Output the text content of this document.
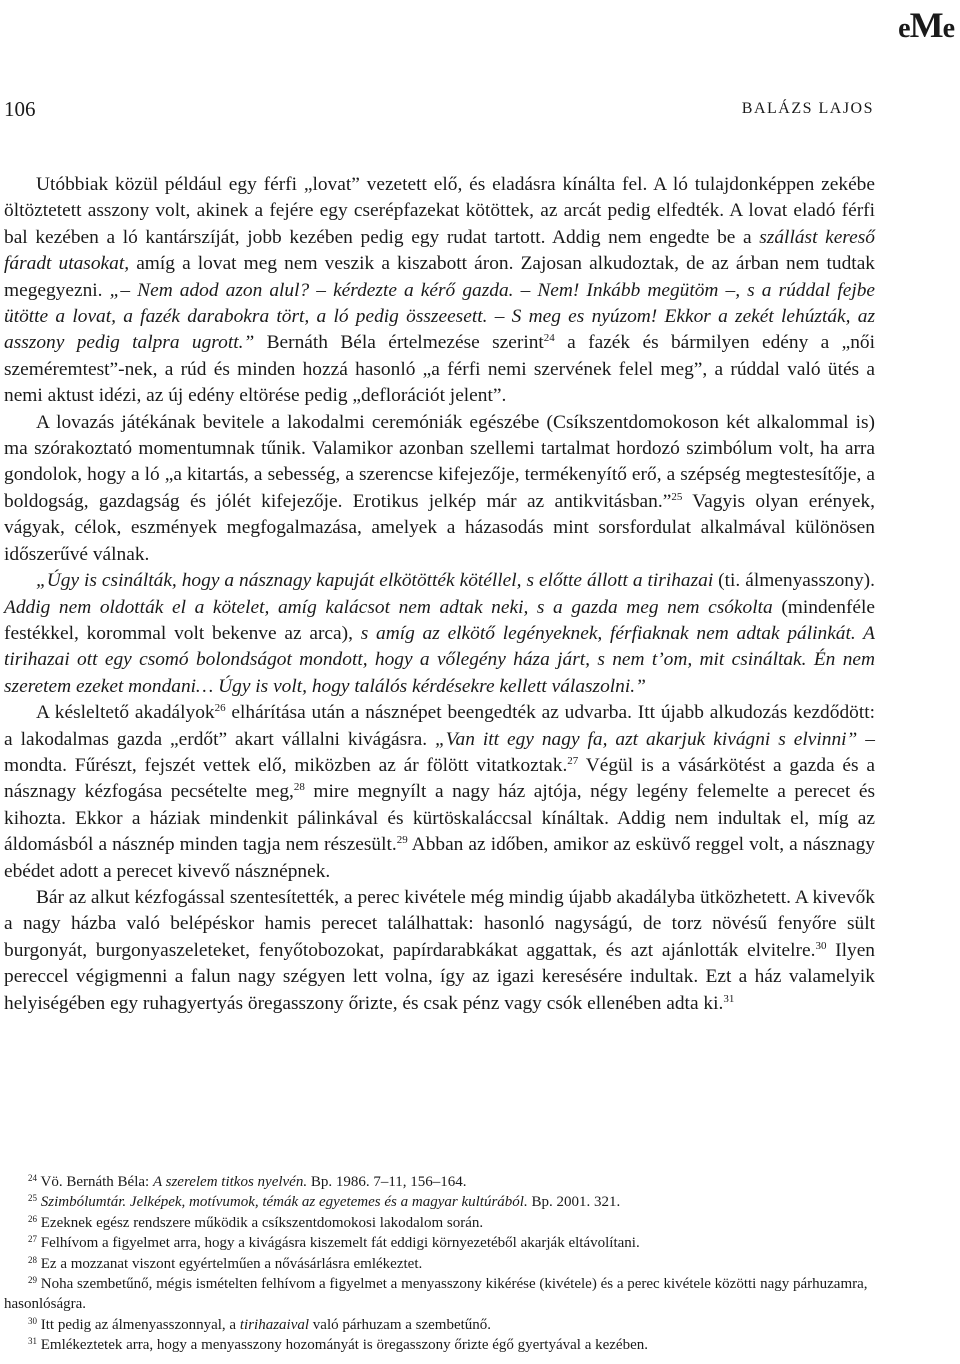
eMe
106	BALÁZS LAJOS

Utóbbiak közül például egy férfi „lovat” vezetett elő, és eladásra kínálta fel. A ló tulajdonképpen zekébe öltöztetett asszony volt, akinek a fejére egy cserépfazekat kötöttek, az arcát pedig elfedték. A lovat eladó férfi bal kezében a ló kantárszíját, jobb kezében pedig egy rudat tartott. Addig nem engedte be a szállást kereső fáradt utasokat, amíg a lovat meg nem veszik a kiszabott áron. Zajosan alkudoztak, de az árban nem tudtak megegyezni. „– Nem adod azon alul? – kérdezte a kérő gazda. – Nem! Inkább megütöm –, s a rúddal fejbe ütötte a lovat, a fazék darabokra tört, a ló pedig összeesett. – S meg es nyúzom! Ekkor a zekét lehúzták, az asszony pedig talpra ugrott.” Bernáth Béla értelmezése szerint$^{24}$ a fazék és bármilyen edény a „női szeméremtest”-nek, a rúd és minden hozzá hasonló „a férfi nemi szervének felel meg”, a rúddal való ütés a nemi aktust idézi, az új edény eltörése pedig „deflorációt jelent”.

A lovazás játékának bevitele a lakodalmi ceremóniák egészébe (Csíkszentdomokoson két alkalommal is) ma szórakoztató momentumnak tűnik. Valamikor azonban szellemi tartalmat hordozó szimbólum volt, ha arra gondolok, hogy a ló „a kitartás, a sebesség, a szerencse kifejezője, termékenyítő erő, a szépség megtestesítője, a boldogság, gazdagság és jólét kifejezője. Erotikus jelkép már az antikvitásban.”$^{25}$ Vagyis olyan erények, vágyak, célok, eszmények megfogalmazása, amelyek a házasodás mint sorsfordulat alkalmával különösen időszerűvé válnak.

„Úgy is csinálták, hogy a násznagy kapuját elkötötték kötéllel, s előtte állott a tirihazai (ti. álmenyasszony). Addig nem oldották el a kötelet, amíg kalácsot nem adtak neki, s a gazda meg nem csókolta (mindenféle festékkel, korommal volt bekenve az arca), s amíg az elkötő legényeknek, férfiaknak nem adtak pálinkát. A tirihazai ott egy csomó bolondságot mondott, hogy a vőlegény háza járt, s nem t’om, mit csináltak. Én nem szeretem ezeket mondani… Úgy is volt, hogy találós kérdésekre kellett válaszolni.”

A késleltető akadályok$^{26}$ elhárítása után a násznépet beengedték az udvarba. Itt újabb alkudozás kezdődött: a lakodalmas gazda „erdőt” akart vállalni kivágásra. „Van itt egy nagy fa, azt akarjuk kivágni s elvinni” – mondta. Fűrészt, fejszét vettek elő, miközben az ár fölött vitatkoztak.$^{27}$ Végül is a vásárkötést a gazda és a násznagy kézfogása pecsételte meg,$^{28}$ mire megnyílt a nagy ház ajtója, négy legény felemelte a perecet és kihozta. Ekkor a háziak mindenkit pálinkával és kürtöskaláccsal kínáltak. Addig nem indultak el, míg az áldomásból a násznép minden tagja nem részesült.$^{29}$ Abban az időben, amikor az esküvő reggel volt, a násznagy ebédet adott a perecet kivevő násznépnek.

Bár az alkut kézfogással szentesítették, a perec kivétele még mindig újabb akadályba ütközhetett. A kivevők a nagy házba való belépéskor hamis perecet találhattak: hasonló nagyságú, de torz növésű fenyőre sült burgonyát, burgonyaszeleteket, fenyőtobozokat, papírdarabkákat aggattak, és azt ajánlották elvitelre.$^{30}$ Ilyen pereccel végigmenni a falun nagy szégyen lett volna, így az igazi keresésére indultak. Ezt a ház valamelyik helyiségében egy ruhagyertyás öregasszony őrizte, és csak pénz vagy csók ellenében adta ki.$^{31}$

$^{24}$ Vö. Bernáth Béla: A szerelem titkos nyelvén. Bp. 1986. 7–11, 156–164.
$^{25}$ Szimbólumtár. Jelképek, motívumok, témák az egyetemes és a magyar kultúrából. Bp. 2001. 321.
$^{26}$ Ezeknek egész rendszere működik a csíkszentdomokosi lakodalom során.
$^{27}$ Felhívom a figyelmet arra, hogy a kivágásra kiszemelt fát eddigi környezetéből akarják eltávolítani.
$^{28}$ Ez a mozzanat viszont egyértelműen a nővásárlásra emlékeztet.
$^{29}$ Noha szembetűnő, mégis ismételten felhívom a figyelmet a menyasszony kikérése (kivétele) és a perec kivétele közötti nagy párhuzamra, hasonlóságra.
$^{30}$ Itt pedig az álmenyasszonnyal, a tirihazaival való párhuzam a szembetűnő.
$^{31}$ Emlékeztetek arra, hogy a menyasszony hozományát is öregasszony őrizte égő gyertyával a kezében.
